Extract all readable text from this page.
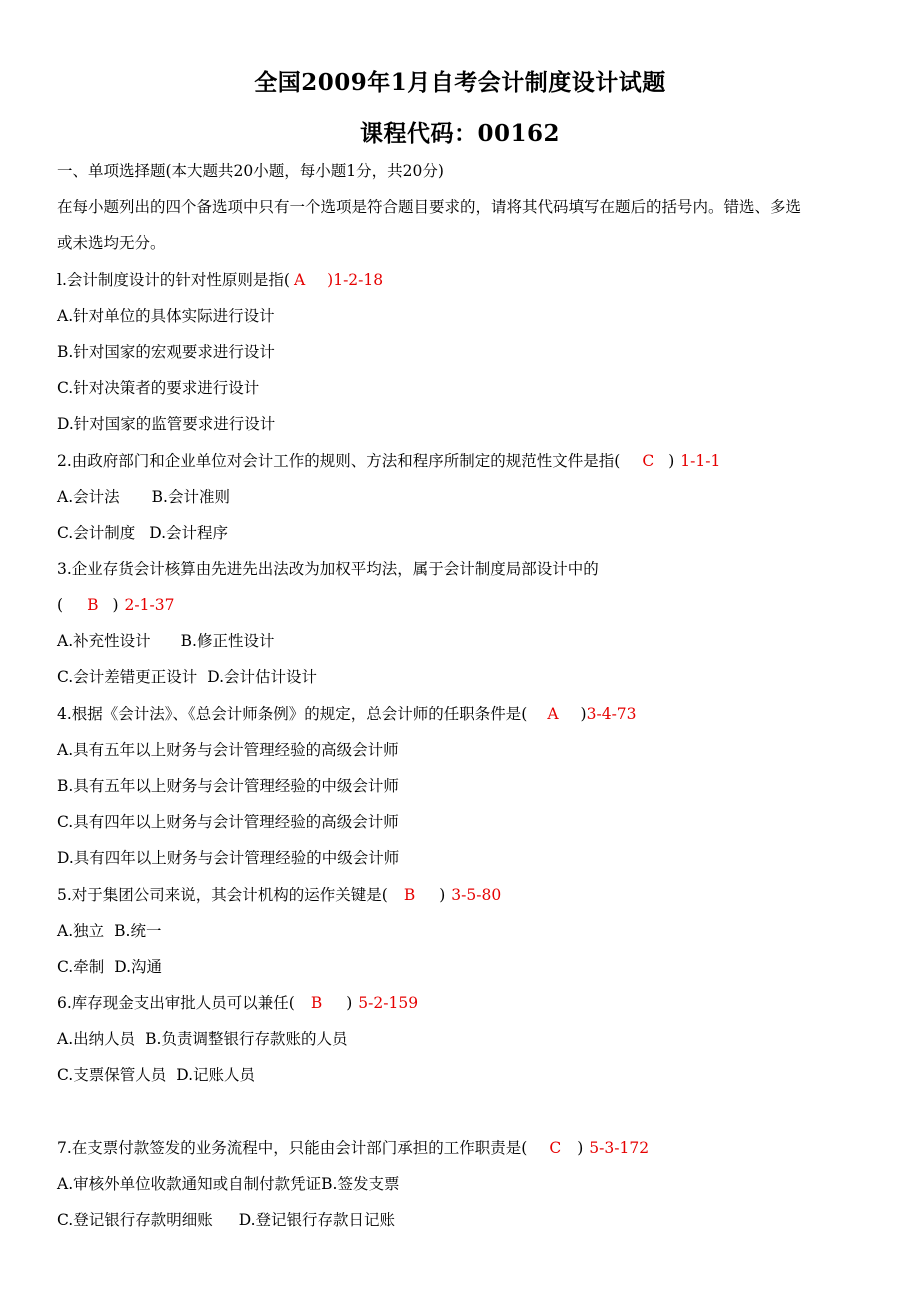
全国2009年1月自考会计制度设计试题
课程代码：00162
一、单项选择题(本大题共20小题，每小题1分，共20分)
在每小题列出的四个备选项中只有一个选项是符合题目要求的，请将其代码填写在题后的括号内。错选、多选
或未选均无分。
l.会计制度设计的针对性原则是指( A )1-2-18
A.针对单位的具体实际进行设计
B.针对国家的宏观要求进行设计
C.针对决策者的要求进行设计
D.针对国家的监管要求进行设计
2.由政府部门和企业单位对会计工作的规则、方法和程序所制定的规范性文件是指( C ) 1-1-1
A.会计法 B.会计准则
C.会计制度 D.会计程序
3.企业存货会计核算由先进先出法改为加权平均法，属于会计制度局部设计中的
( B ) 2-1-37
A.补充性设计 B.修正性设计
C.会计差错更正设计 D.会计估计设计
4.根据《会计法》、《总会计师条例》的规定，总会计师的任职条件是( A )3-4-73
A.具有五年以上财务与会计管理经验的高级会计师
B.具有五年以上财务与会计管理经验的中级会计师
C.具有四年以上财务与会计管理经验的高级会计师
D.具有四年以上财务与会计管理经验的中级会计师
5.对于集团公司来说，其会计机构的运作关键是( B ) 3-5-80
A.独立 B.统一
C.牵制 D.沟通
6.库存现金支出审批人员可以兼任( B ) 5-2-159
A.出纳人员 B.负责调整银行存款账的人员
C.支票保管人员 D.记账人员
7.在支票付款签发的业务流程中，只能由会计部门承担的工作职责是( C ) 5-3-172
A.审核外单位收款通知或自制付款凭证B.签发支票
C.登记银行存款明细账 D.登记银行存款日记账
